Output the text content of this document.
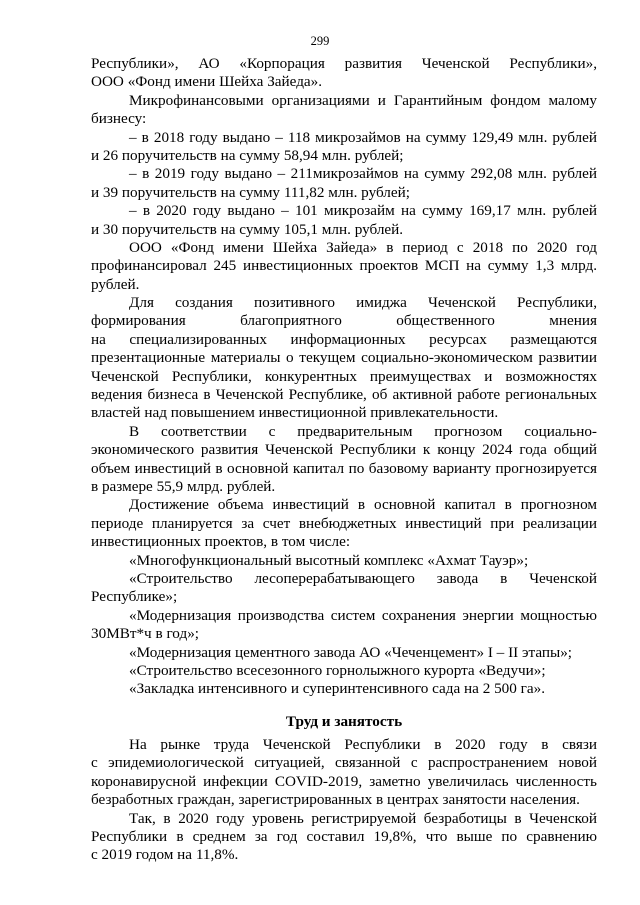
299
Республики», АО «Корпорация развития Чеченской Республики»,
ООО «Фонд имени Шейха Зайеда».
Микрофинансовыми организациями и Гарантийным фондом малому
бизнесу:
– в 2018 году выдано – 118 микрозаймов на сумму 129,49 млн. рублей
и 26 поручительств на сумму 58,94 млн. рублей;
– в 2019 году выдано – 211микрозаймов на сумму 292,08 млн. рублей
и 39 поручительств на сумму 111,82 млн. рублей;
– в 2020 году выдано – 101 микрозайм на сумму 169,17 млн. рублей
и 30 поручительств на сумму 105,1 млн. рублей.
ООО «Фонд имени Шейха Зайеда» в период с 2018 по 2020 год
профинансировал 245 инвестиционных проектов МСП на сумму 1,3 млрд.
рублей.
Для создания позитивного имиджа Чеченской Республики,
формирования благоприятного общественного мнения
на специализированных информационных ресурсах размещаются
презентационные материалы о текущем социально-экономическом развитии
Чеченской Республики, конкурентных преимуществах и возможностях
ведения бизнеса в Чеченской Республике, об активной работе региональных
властей над повышением инвестиционной привлекательности.
В соответствии с предварительным прогнозом социально-
экономического развития Чеченской Республики к концу 2024 года общий
объем инвестиций в основной капитал по базовому варианту прогнозируется
в размере 55,9 млрд. рублей.
Достижение объема инвестиций в основной капитал в прогнозном
периоде планируется за счет внебюджетных инвестиций при реализации
инвестиционных проектов, в том числе:
«Многофункциональный высотный комплекс «Ахмат Тауэр»;
«Строительство лесоперерабатывающего завода в Чеченской
Республике»;
«Модернизация производства систем сохранения энергии мощностью
30МВт*ч в год»;
«Модернизация цементного завода АО «Чеченцемент» I – II этапы»;
«Строительство всесезонного горнолыжного курорта «Ведучи»;
«Закладка интенсивного и суперинтенсивного сада на 2 500 га».
Труд и занятость
На рынке труда Чеченской Республики в 2020 году в связи
с эпидемиологической ситуацией, связанной с распространением новой
коронавирусной инфекции COVID-2019, заметно увеличилась численность
безработных граждан, зарегистрированных в центрах занятости населения.
Так, в 2020 году уровень регистрируемой безработицы в Чеченской
Республики в среднем за год составил 19,8%, что выше по сравнению
с 2019 годом на 11,8%.
